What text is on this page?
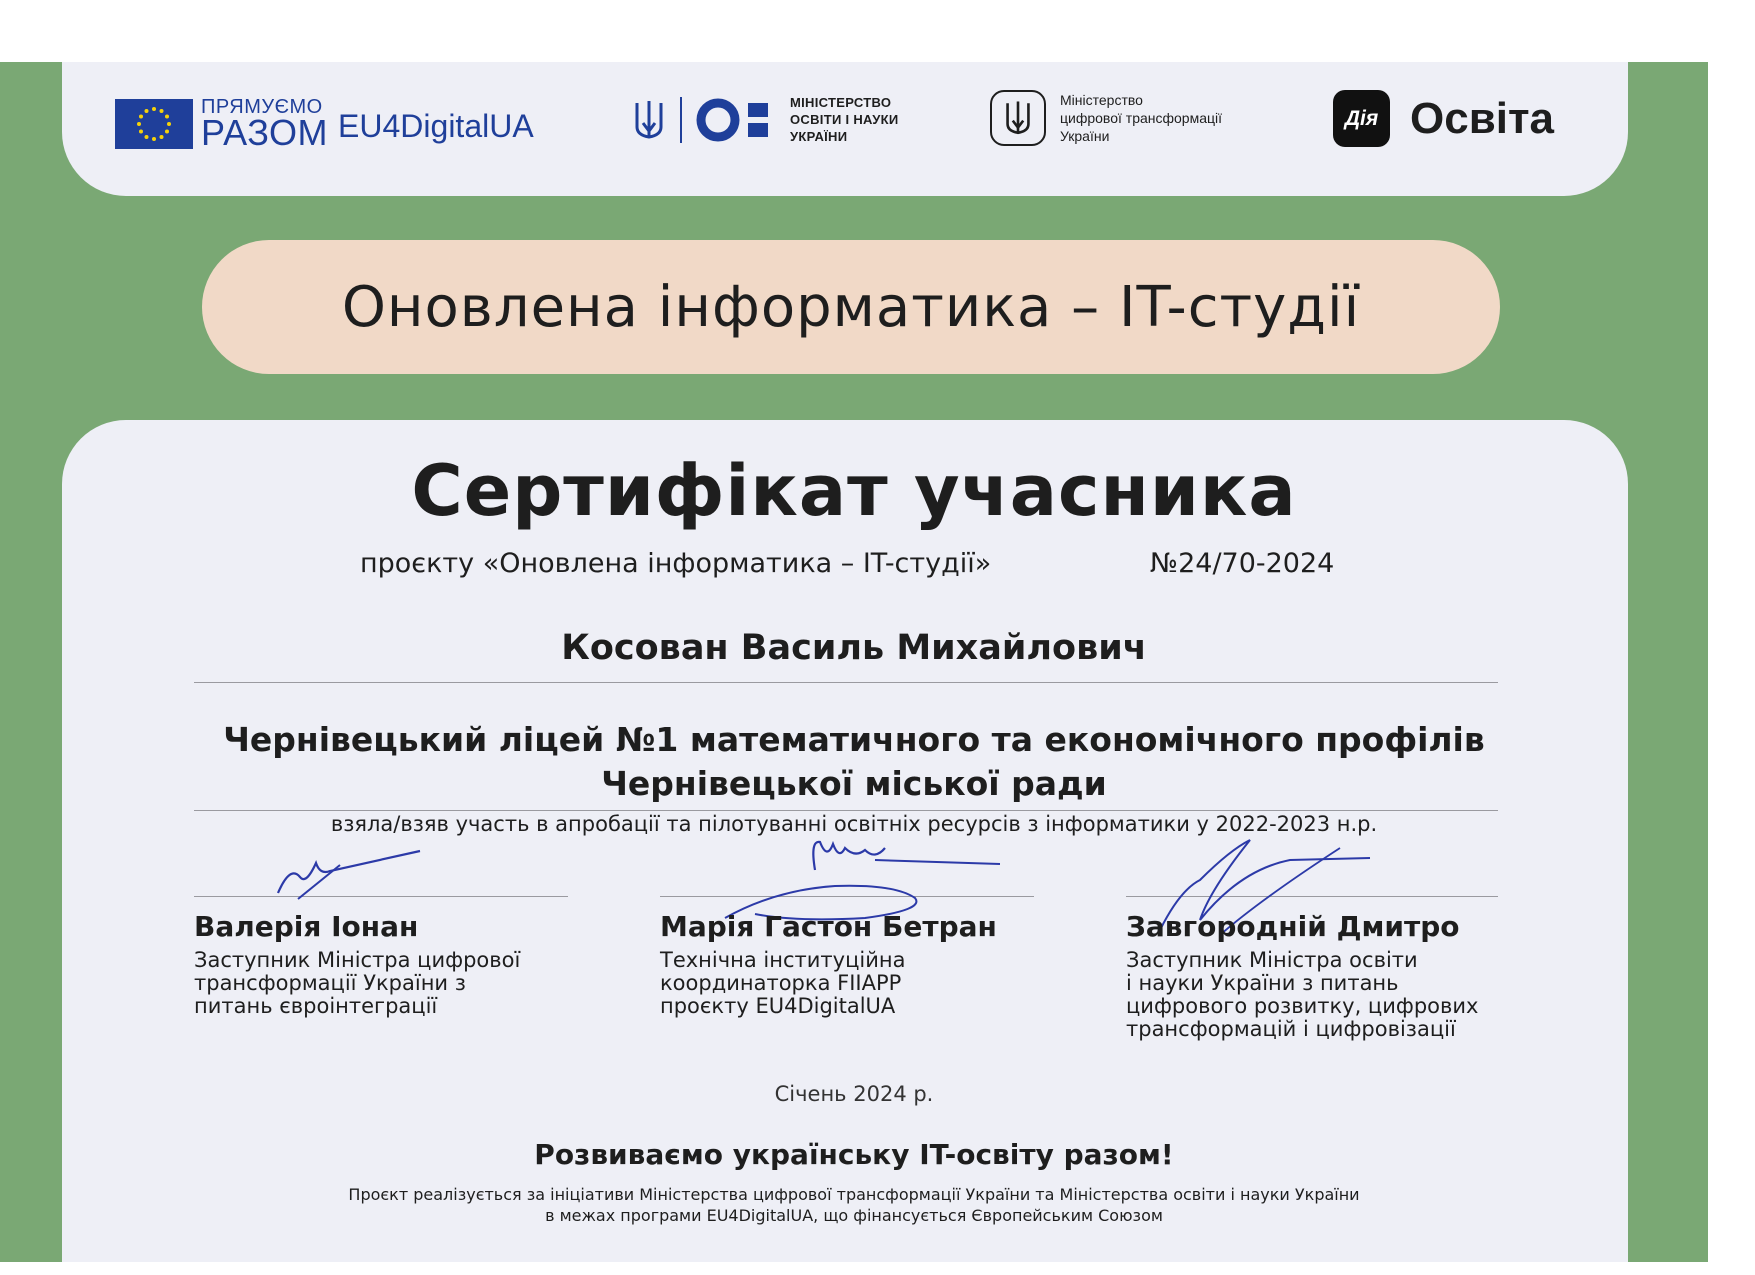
ПРЯМУЄМО
РАЗОМ EU4DigitalUA
МІНІСТЕРСТВО
ОСВІТИ І НАУКИ
УКРАЇНИ
Міністерство
цифрової трансформації
України
Дія Освіта
Оновлена інформатика – IT-студії
Сертифікат учасника
проєкту «Оновлена інформатика – IT-студії»	№24/70-2024
Косован Василь Михайлович
Чернівецький ліцей №1 математичного та економічного профілів
Чернівецької міської ради
взяла/взяв участь в апробації та пілотуванні освітніх ресурсів з інформатики у 2022-2023 н.р.
Валерія Іонан
Заступник Міністра цифрової
трансформації України з
питань євроінтеграції
Марія Гастон Бетран
Технічна інституційна
координаторка FIIAPP
проєкту EU4DigitalUA
Завгородній Дмитро
Заступник Міністра освіти
і науки України з питань
цифрового розвитку, цифрових
трансформацій і цифровізації
Січень 2024 р.
Розвиваємо українську IT-освіту разом!
Проєкт реалізується за ініціативи Міністерства цифрової трансформації України та Міністерства освіти і науки України
в межах програми EU4DigitalUA, що фінансується Європейським Союзом
